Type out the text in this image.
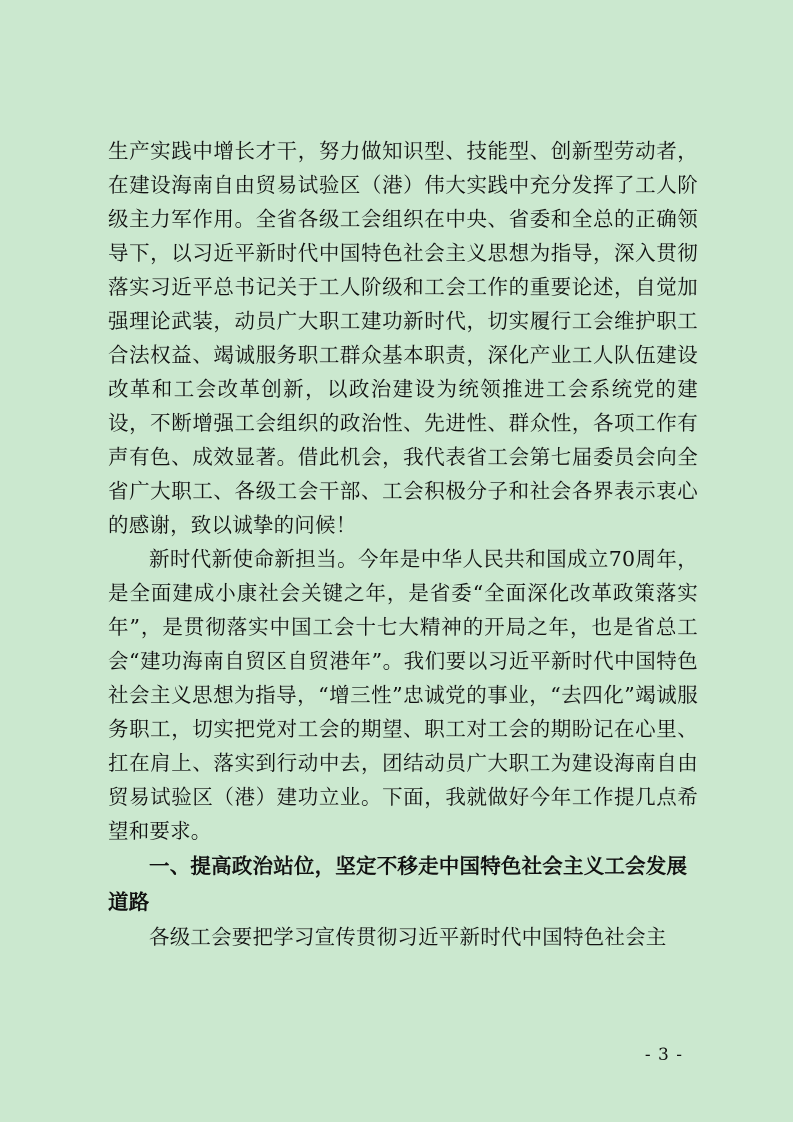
生产实践中增长才干，努力做知识型、技能型、创新型劳动者，在建设海南自由贸易试验区（港）伟大实践中充分发挥了工人阶级主力军作用。全省各级工会组织在中央、省委和全总的正确领导下，以习近平新时代中国特色社会主义思想为指导，深入贯彻落实习近平总书记关于工人阶级和工会工作的重要论述，自觉加强理论武装，动员广大职工建功新时代，切实履行工会维护职工合法权益、竭诚服务职工群众基本职责，深化产业工人队伍建设改革和工会改革创新，以政治建设为统领推进工会系统党的建设，不断增强工会组织的政治性、先进性、群众性，各项工作有声有色、成效显著。借此机会，我代表省工会第七届委员会向全省广大职工、各级工会干部、工会积极分子和社会各界表示衷心的感谢，致以诚挚的问候！

新时代新使命新担当。今年是中华人民共和国成立70周年，是全面建成小康社会关键之年，是省委“全面深化改革政策落实年”，是贯彻落实中国工会十七大精神的开局之年，也是省总工会“建功海南自贸区自贸港年”。我们要以习近平新时代中国特色社会主义思想为指导，“增三性”忠诚党的事业，“去四化”竭诚服务职工，切实把党对工会的期望、职工对工会的期盼记在心里、扛在肩上、落实到行动中去，团结动员广大职工为建设海南自由贸易试验区（港）建功立业。下面，我就做好今年工作提几点希望和要求。

一、提高政治站位，坚定不移走中国特色社会主义工会发展道路

各级工会要把学习宣传贯彻习近平新时代中国特色社会主

- 3 -
